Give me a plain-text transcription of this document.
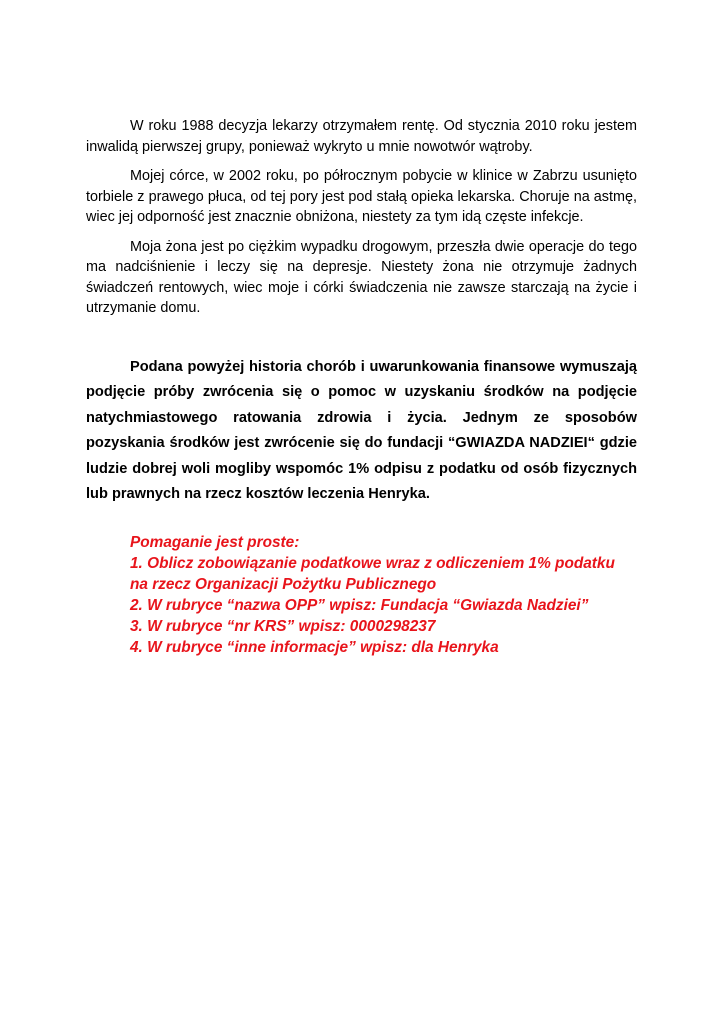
W roku 1988 decyzja lekarzy otrzymałem rentę. Od stycznia 2010 roku jestem inwalidą pierwszej grupy, ponieważ wykryto u mnie nowotwór wątroby.

Mojej córce, w 2002 roku, po półrocznym pobycie w klinice w Zabrzu usunięto torbiele z prawego płuca, od tej pory jest pod stałą opieka lekarska. Choruje na astmę, wiec jej odporność jest znacznie obniżona, niestety za tym idą częste infekcje.

Moja żona jest po ciężkim wypadku drogowym, przeszła dwie operacje do tego ma nadciśnienie i leczy się na depresje. Niestety żona nie otrzymuje żadnych świadczeń rentowych, wiec moje i córki świadczenia nie zawsze starczają na życie i utrzymanie domu.

Podana powyżej historia chorób i uwarunkowania finansowe wymuszają podjęcie próby zwrócenia się o pomoc w uzyskaniu środków na podjęcie natychmiastowego ratowania zdrowia i życia. Jednym ze sposobów pozyskania środków jest zwrócenie się do fundacji “GWIAZDA NADZIEI“ gdzie ludzie dobrej woli mogliby wspomóc 1% odpisu z podatku od osób fizycznych lub prawnych na rzecz kosztów leczenia Henryka.
Pomaganie jest proste:
1. Oblicz zobowiązanie podatkowe wraz z odliczeniem 1% podatku
na rzecz Organizacji Pożytku Publicznego
2. W rubryce “nazwa OPP” wpisz: Fundacja “Gwiazda Nadziei”
3. W rubryce “nr KRS” wpisz: 0000298237
4. W rubryce “inne informacje” wpisz: dla Henryka
